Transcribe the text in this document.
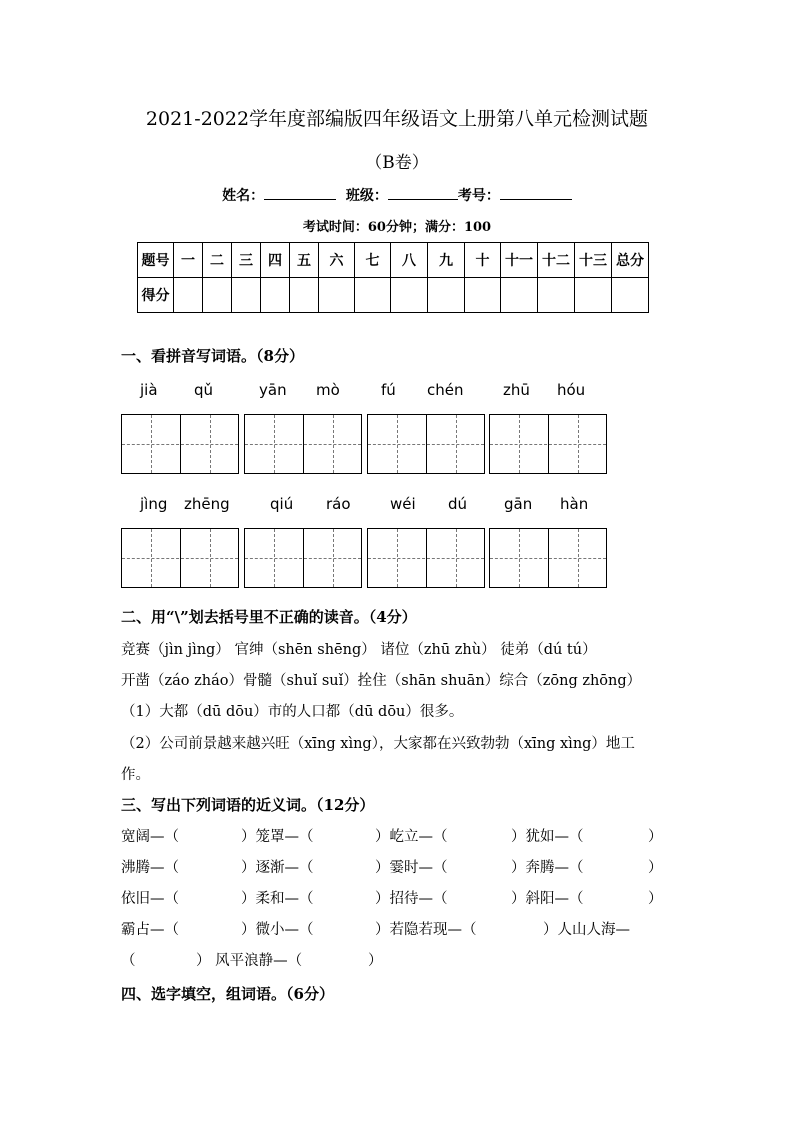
2021-2022学年度部编版四年级语文上册第八单元检测试题
（B卷）
姓名：	班级：	考号：
考试时间：60分钟；满分：100
题号	一	二	三	四	五	六	七	八	九	十	十一	十二	十三	总分
得分														
一、看拼音写词语。（8分）
jià qǔ	yān mò	fú chén	zhū hóu
jìng zhēng	qiú ráo	wéi dú gān hàn
二、用“\”划去括号里不正确的读音。（4分）
竞赛（jìn jìng） 官绅（shēn shēng） 诸位（zhū zhù） 徒弟（dú tú）
开凿（záo zháo）骨髓（shuǐ suǐ）拴住（shān shuān）综合（zōng zhōng）
（1）大都（dū dōu）市的人口都（dū dōu）很多。
（2）公司前景越来越兴旺（xīng xìng），大家都在兴致勃勃（xīng xìng）地工
作。
三、写出下列词语的近义词。（12分）
宽阔—（	）笼罩—（	）屹立—（	）犹如—（	）
沸腾—（	）逐渐—（	）霎时—（	）奔腾—（	）
依旧—（	）柔和—（	）招待—（	）斜阳—（	）
霸占—（	）微小—（	）若隐若现—（	）人山人海—
（	） 风平浪静—（	）
四、选字填空，组词语。（6分）
